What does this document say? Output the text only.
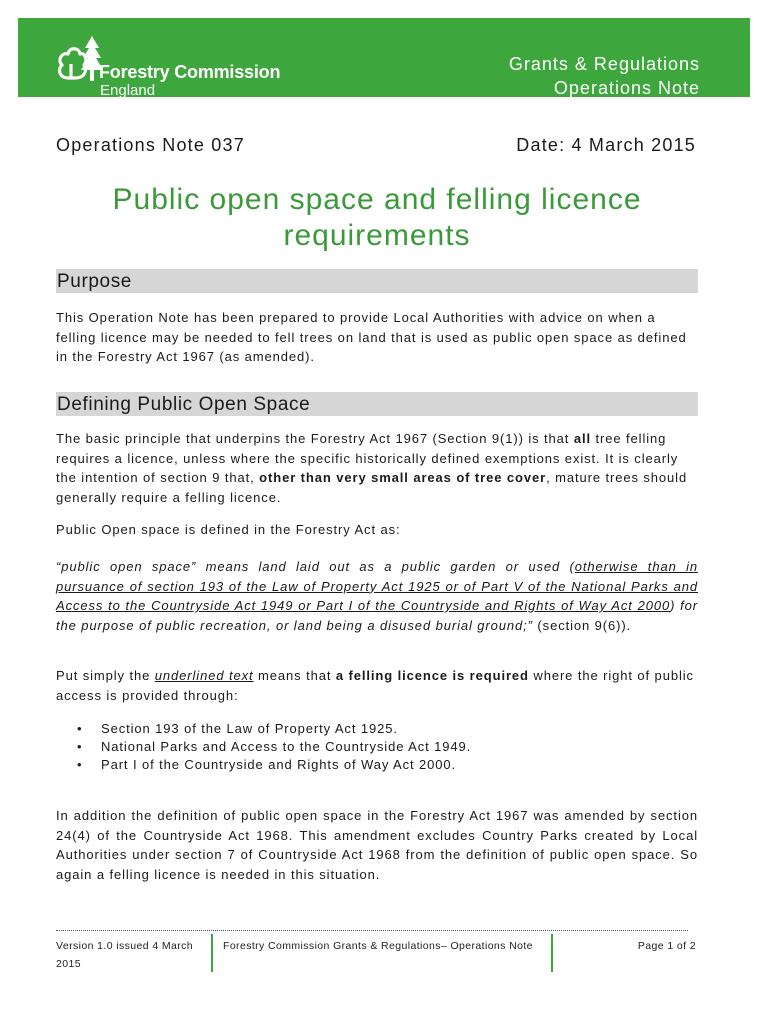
Forestry Commission
England
Grants & Regulations
Operations Note
Operations Note 037	Date: 4 March 2015
Public open space and felling licence
requirements
Purpose

This Operation Note has been prepared to provide Local Authorities with advice on when a felling licence may be needed to fell trees on land that is used as public open space as defined in the Forestry Act 1967 (as amended).

Defining Public Open Space

The basic principle that underpins the Forestry Act 1967 (Section 9(1)) is that all tree felling requires a licence, unless where the specific historically defined exemptions exist. It is clearly the intention of section 9 that, other than very small areas of tree cover, mature trees should generally require a felling licence.

Public Open space is defined in the Forestry Act as:

“public open space” means land laid out as a public garden or used (otherwise than in pursuance of section 193 of the Law of Property Act 1925 or of Part V of the National Parks and Access to the Countryside Act 1949 or Part I of the Countryside and Rights of Way Act 2000) for the purpose of public recreation, or land being a disused burial ground;” (section 9(6)).

Put simply the underlined text means that a felling licence is required where the right of public access is provided through:

• Section 193 of the Law of Property Act 1925.
• National Parks and Access to the Countryside Act 1949.
• Part I of the Countryside and Rights of Way Act 2000.

In addition the definition of public open space in the Forestry Act 1967 was amended by section 24(4) of the Countryside Act 1968. This amendment excludes Country Parks created by Local Authorities under section 7 of Countryside Act 1968 from the definition of public open space. So again a felling licence is needed in this situation.

Version 1.0 issued 4 March
2015
Forestry Commission Grants & Regulations– Operations Note	Page 1 of 2
